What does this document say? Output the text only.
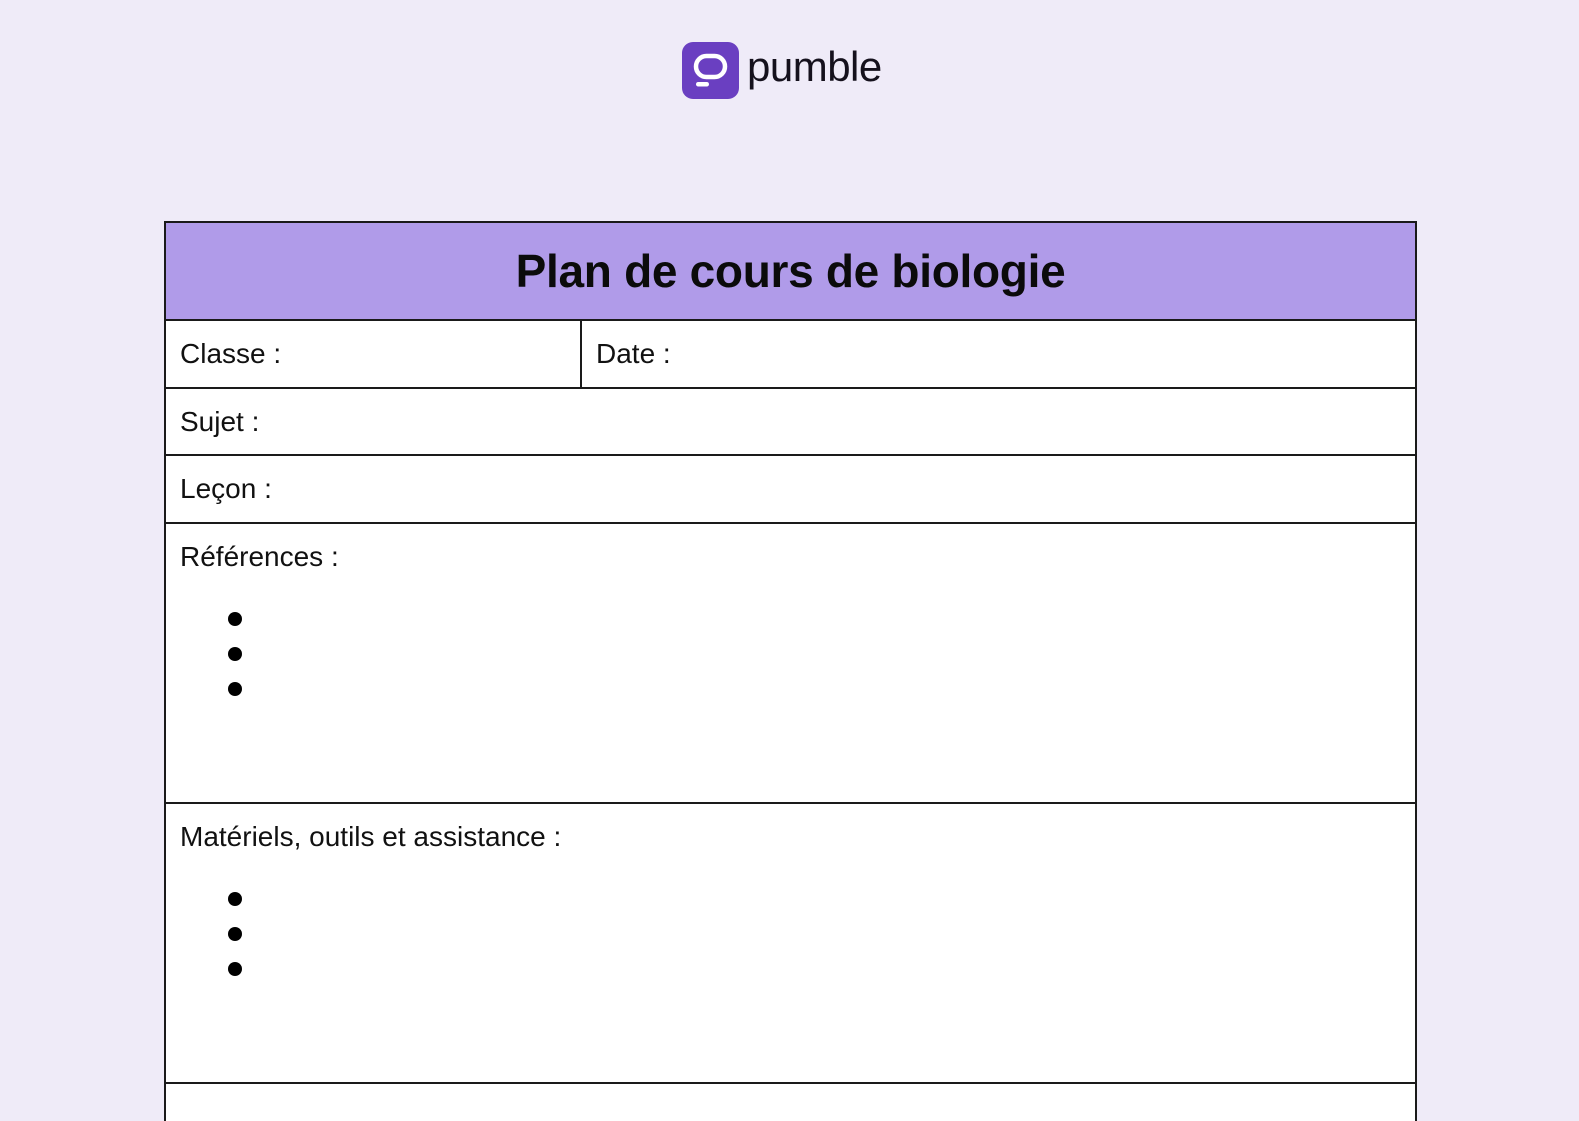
pumble
Plan de cours de biologie
Classe :	Date :
Sujet :
Leçon :
Références :
Matériels, outils et assistance :
